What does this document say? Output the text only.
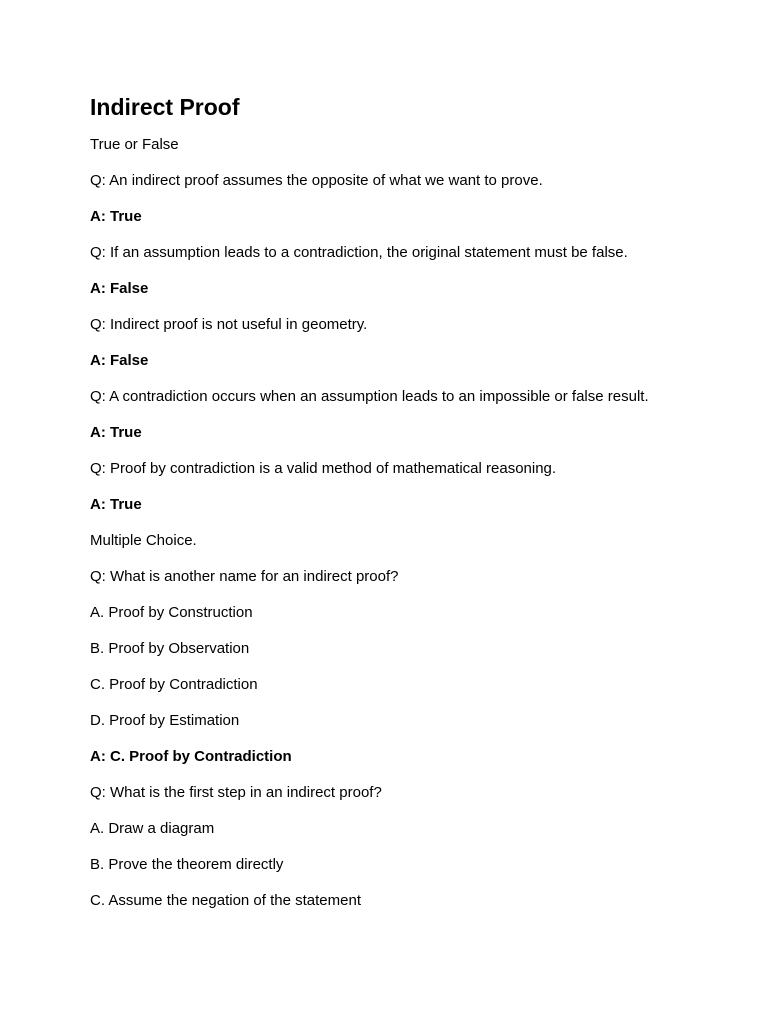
Indirect Proof

True or False

Q: An indirect proof assumes the opposite of what we want to prove.

A: True

Q: If an assumption leads to a contradiction, the original statement must be false.

A: False

Q: Indirect proof is not useful in geometry.

A: False

Q: A contradiction occurs when an assumption leads to an impossible or false result.

A: True

Q: Proof by contradiction is a valid method of mathematical reasoning.

A: True

Multiple Choice.

Q: What is another name for an indirect proof?

A. Proof by Construction

B. Proof by Observation

C. Proof by Contradiction

D. Proof by Estimation

A: C. Proof by Contradiction

Q: What is the first step in an indirect proof?

A. Draw a diagram

B. Prove the theorem directly

C. Assume the negation of the statement
